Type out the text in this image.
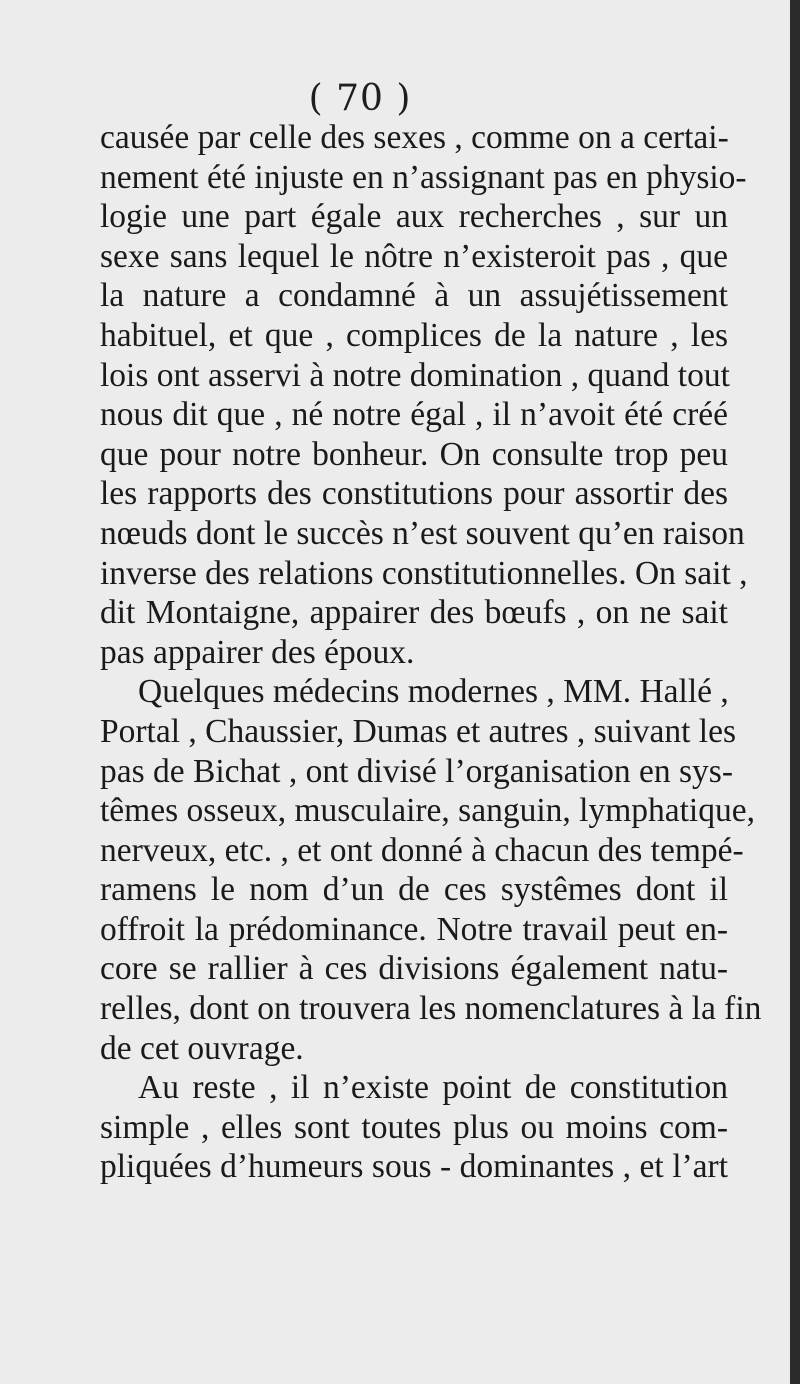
( 70 )
causée par celle des sexes , comme on a certai-
nement été injuste en n’assignant pas en physio-
logie une part égale aux recherches , sur un
sexe sans lequel le nôtre n’existeroit pas , que
la nature a condamné à un assujétissement
habituel, et que , complices de la nature , les
lois ont asservi à notre domination , quand tout
nous dit que , né notre égal , il n’avoit été créé
que pour notre bonheur. On consulte trop peu
les rapports des constitutions pour assortir des
nœuds dont le succès n’est souvent qu’en raison
inverse des relations constitutionnelles. On sait ,
dit Montaigne, appairer des bœufs , on ne sait
pas appairer des époux.
Quelques médecins modernes , MM. Hallé ,
Portal , Chaussier, Dumas et autres , suivant les
pas de Bichat , ont divisé l’organisation en sys-
têmes osseux, musculaire, sanguin, lymphatique,
nerveux, etc. , et ont donné à chacun des tempé-
ramens le nom d’un de ces systêmes dont il
offroit la prédominance. Notre travail peut en-
core se rallier à ces divisions également natu-
relles, dont on trouvera les nomenclatures à la fin
de cet ouvrage.
Au reste , il n’existe point de constitution
simple , elles sont toutes plus ou moins com-
pliquées d’humeurs sous - dominantes , et l’art
